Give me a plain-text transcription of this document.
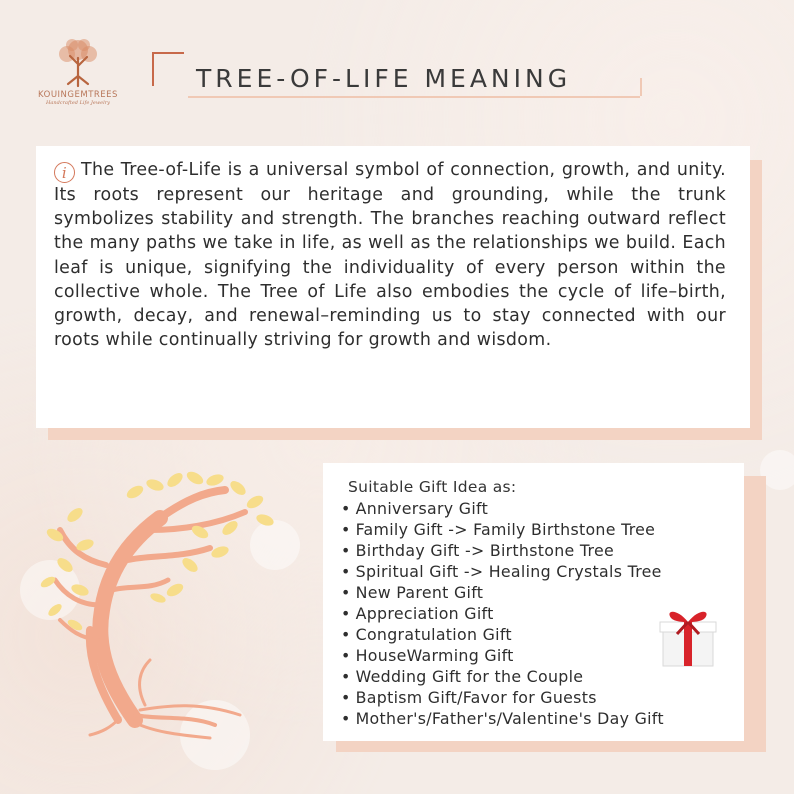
KOUINGEMTREES
Handcrafted Life Jewelry
TREE-OF-LIFE MEANING

i The Tree-of-Life is a universal symbol of connection, growth, and unity. Its roots represent our heritage and grounding, while the trunk symbolizes stability and strength. The branches reaching outward reflect the many paths we take in life, as well as the relationships we build. Each leaf is unique, signifying the individuality of every person within the collective whole. The Tree of Life also embodies the cycle of life–birth, growth, decay, and renewal–reminding us to stay connected with our roots while continually striving for growth and wisdom.

Suitable Gift Idea as:

• Anniversary Gift
• Family Gift -> Family Birthstone Tree
• Birthday Gift -> Birthstone Tree
• Spiritual Gift -> Healing Crystals Tree
• New Parent Gift
• Appreciation Gift
• Congratulation Gift
• HouseWarming Gift
• Wedding Gift for the Couple
• Baptism Gift/Favor for Guests
• Mother's/Father's/Valentine's Day Gift
